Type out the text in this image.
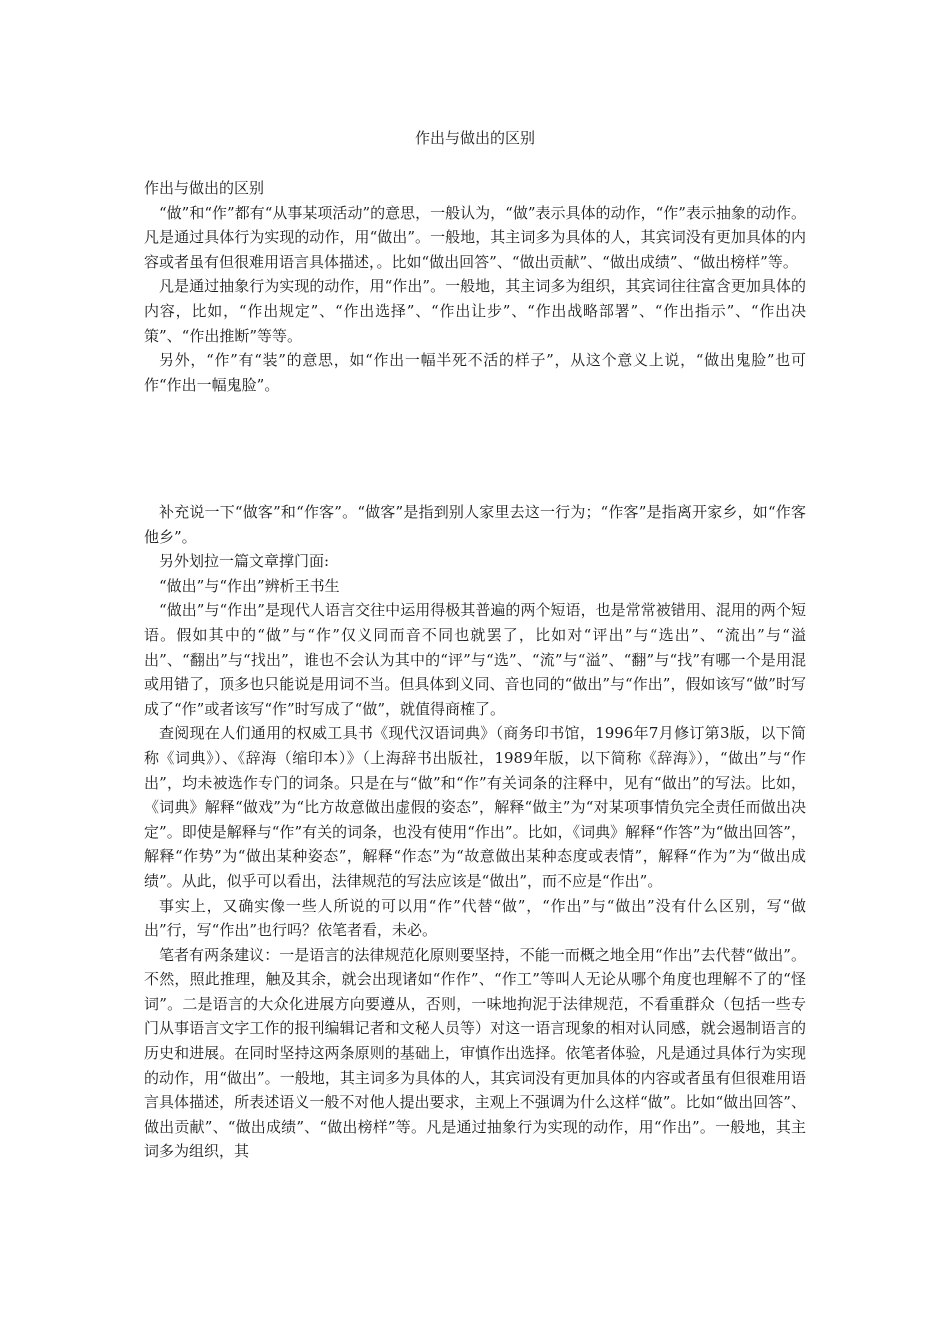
作出与做出的区别

作出与做出的区别

“做”和“作”都有“从事某项活动”的意思，一般认为，“做”表示具体的动作，“作”表示抽象的动作。凡是通过具体行为实现的动作，用“做出”。一般地，其主词多为具体的人，其宾词没有更加具体的内容或者虽有但很难用语言具体描述，。比如“做出回答”、“做出贡献”、“做出成绩”、“做出榜样”等。

凡是通过抽象行为实现的动作，用“作出”。一般地，其主词多为组织，其宾词往往富含更加具体的内容，比如，“作出规定”、“作出选择”、“作出让步”、“作出战略部署”、“作出指示”、“作出决策”、“作出推断”等等。

另外，“作”有“装”的意思，如“作出一幅半死不活的样子”，从这个意义上说，“做出鬼脸”也可作“作出一幅鬼脸”。

补充说一下“做客”和“作客”。“做客”是指到别人家里去这一行为；“作客”是指离开家乡，如“作客他乡”。

另外划拉一篇文章撑门面:

“做出”与“作出”辨析王书生

“做出”与“作出”是现代人语言交往中运用得极其普遍的两个短语，也是常常被错用、混用的两个短语。假如其中的“做”与“作”仅义同而音不同也就罢了，比如对“评出”与“选出”、“流出”与“溢出”、“翻出”与“找出”，谁也不会认为其中的“评”与“选”、“流”与“溢”、“翻”与“找”有哪一个是用混或用错了，顶多也只能说是用词不当。但具体到义同、音也同的“做出”与“作出”，假如该写“做”时写成了“作”或者该写“作”时写成了“做”，就值得商榷了。

查阅现在人们通用的权威工具书《现代汉语词典》（商务印书馆，1996年7月修订第3版，以下简称《词典》）、《辞海（缩印本）》（上海辞书出版社，1989年版，以下简称《辞海》），“做出”与“作出”，均未被选作专门的词条。只是在与“做”和“作”有关词条的注释中，见有“做出”的写法。比如，《词典》解释“做戏”为“比方故意做出虚假的姿态”，解释“做主”为“对某项事情负完全责任而做出决定”。即使是解释与“作”有关的词条，也没有使用“作出”。比如，《词典》解释“作答”为“做出回答”，解释“作势”为“做出某种姿态”，解释“作态”为“故意做出某种态度或表情”，解释“作为”为“做出成绩”。从此，似乎可以看出，法律规范的写法应该是“做出”，而不应是“作出”。

事实上，又确实像一些人所说的可以用“作”代替“做”，“作出”与“做出”没有什么区别，写“做出”行，写“作出”也行吗？依笔者看，未必。

笔者有两条建议：一是语言的法律规范化原则要坚持，不能一而概之地全用“作出”去代替“做出”。不然，照此推理，触及其余，就会出现诸如“作作”、“作工”等叫人无论从哪个角度也理解不了的“怪词”。二是语言的大众化进展方向要遵从，否则，一味地拘泥于法律规范，不看重群众（包括一些专门从事语言文字工作的报刊编辑记者和文秘人员等）对这一语言现象的相对认同感，就会遏制语言的历史和进展。在同时坚持这两条原则的基础上，审慎作出选择。依笔者体验，凡是通过具体行为实现的动作，用“做出”。一般地，其主词多为具体的人，其宾词没有更加具体的内容或者虽有但很难用语言具体描述，所表述语义一般不对他人提出要求，主观上不强调为什么这样“做”。比如“做出回答”、做出贡献”、“做出成绩”、“做出榜样”等。凡是通过抽象行为实现的动作，用“作出”。一般地，其主词多为组织，其
